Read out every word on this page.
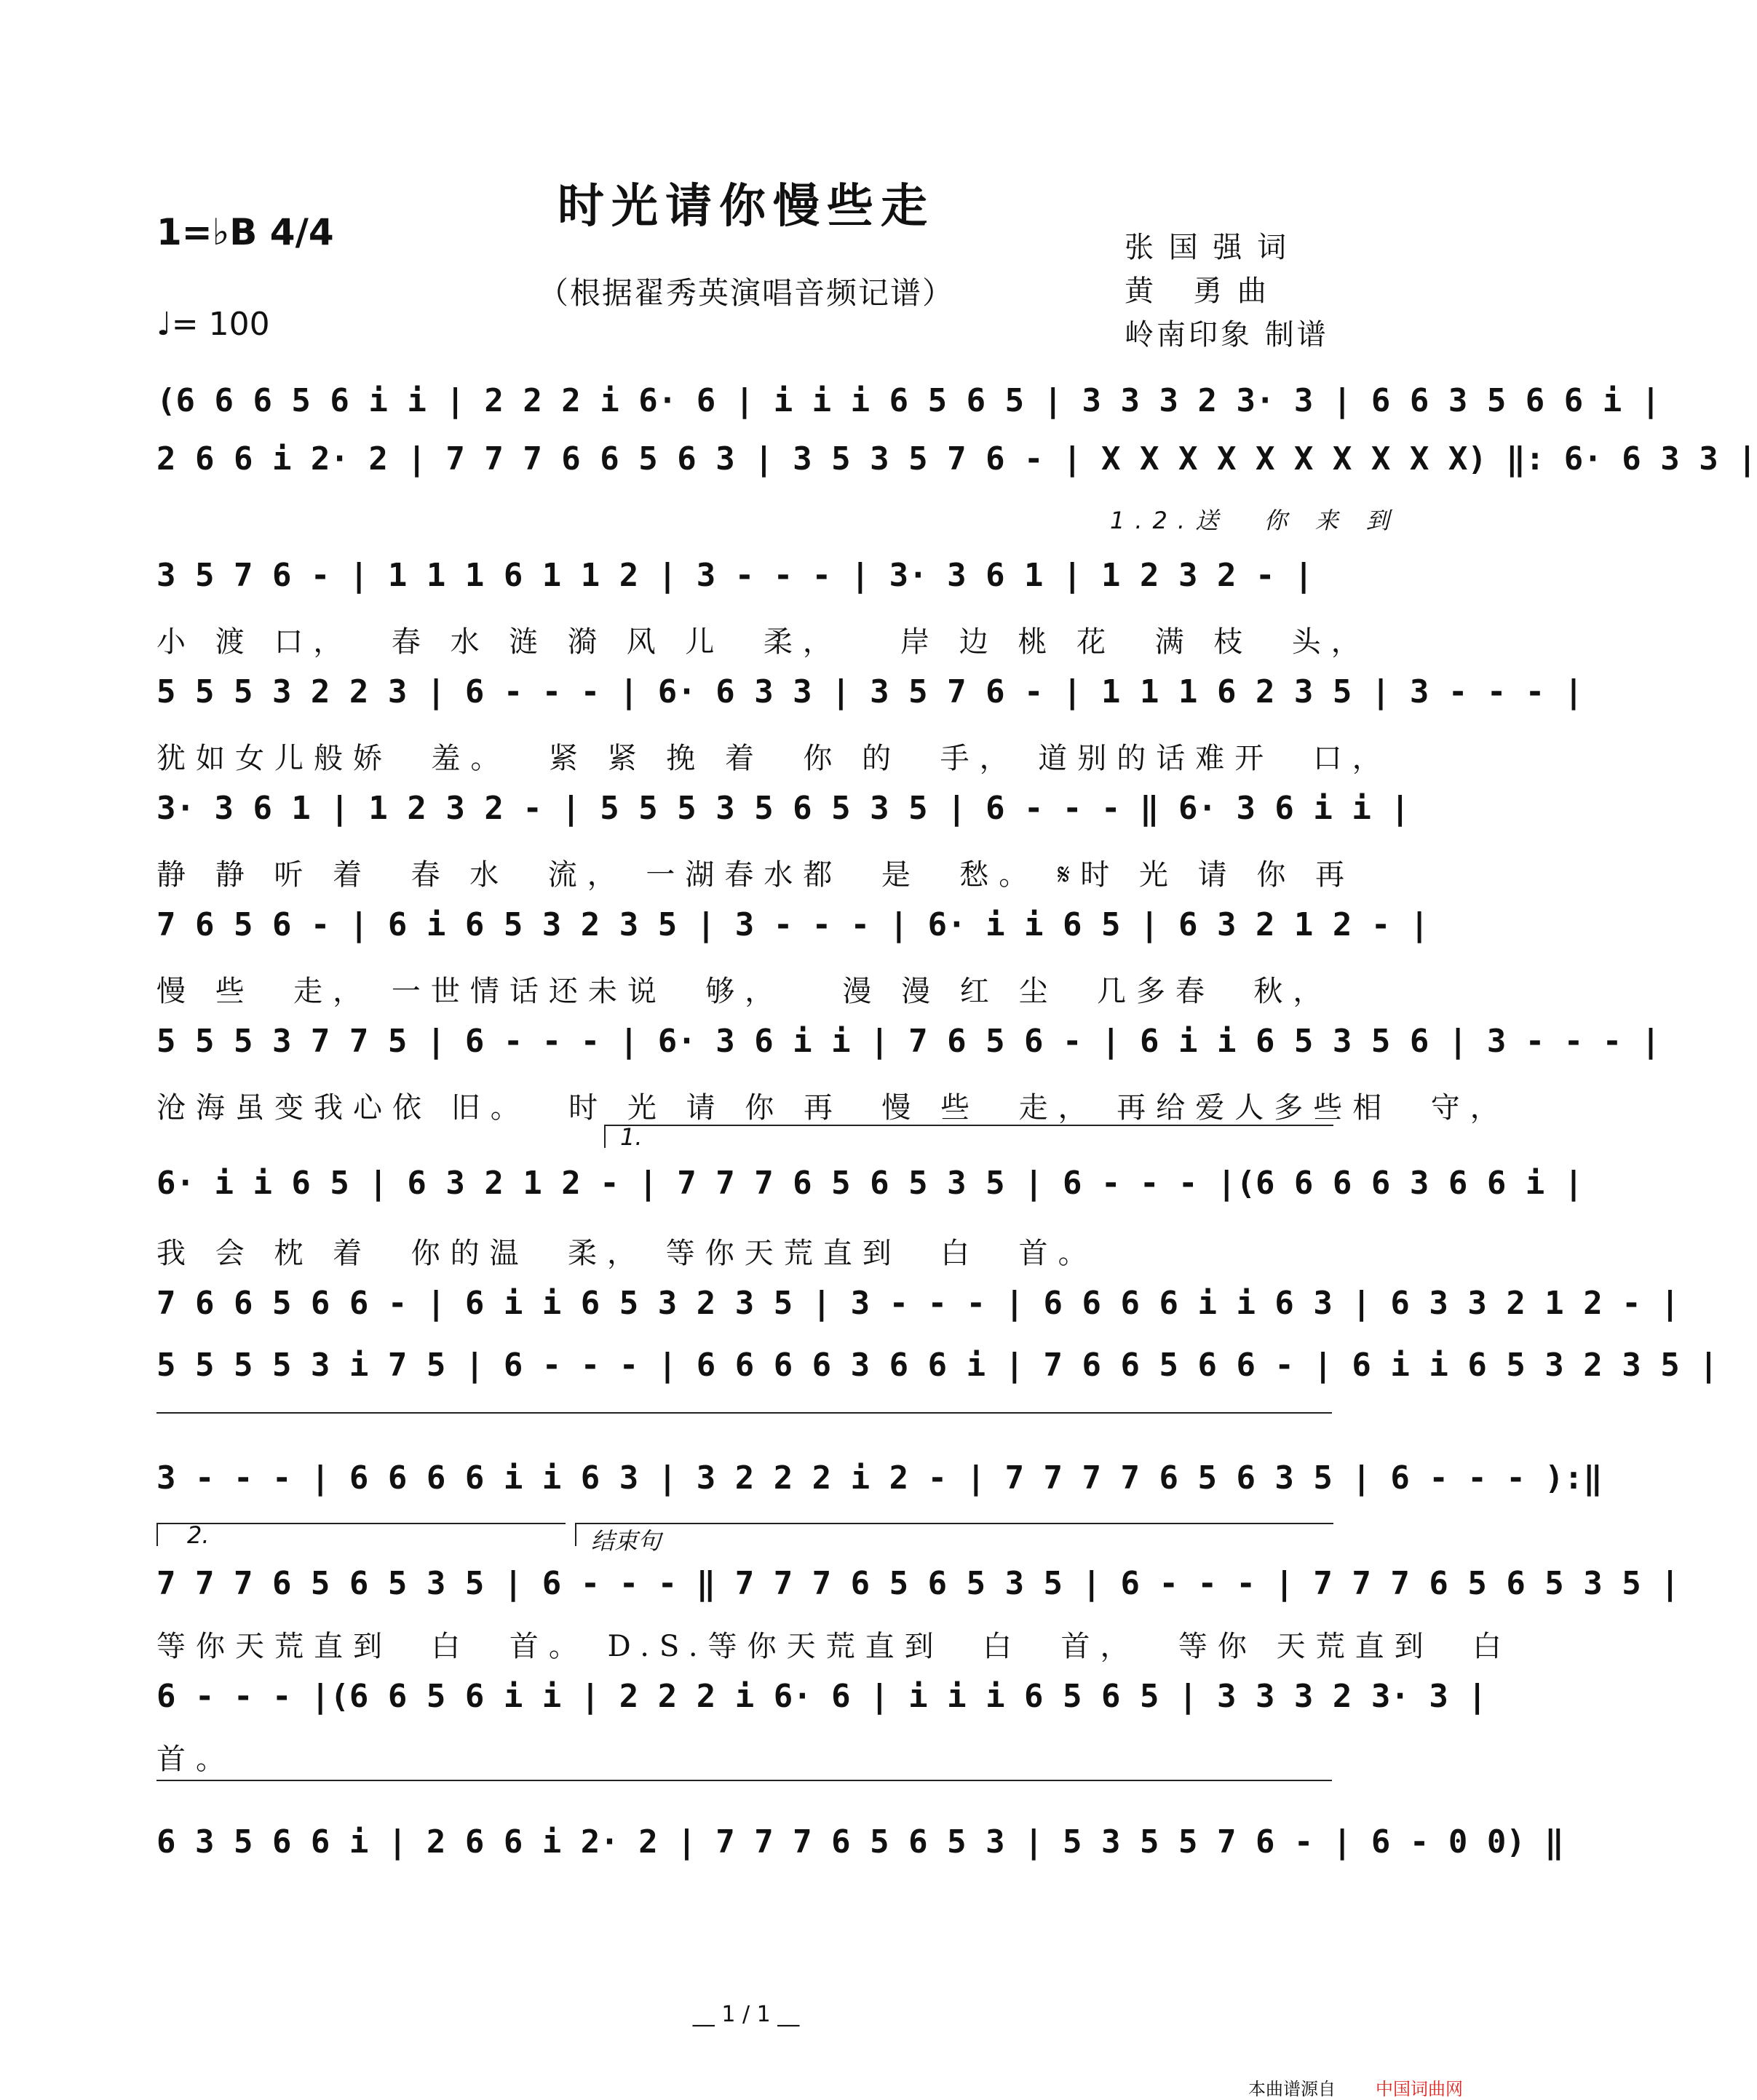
时光请你慢些走
（根据翟秀英演唱音频记谱）
1=♭B 4/4
♩= 100
张 国 强 词
黄   勇 曲
岭南印象 制谱
(6 6 6 5 6 i i | 2 2 2 i 6· 6 | i i i 6 5 6 5 | 3 3 3 2 3· 3 | 6 6 3 5 6 6 i |
2 6 6 i 2· 2 | 7 7 7 6 6 5 6 3 | 3 5 3 5 7 6 - | X X X X X X X X X X) ‖: 6· 6 3 3 |
1.2.送  你 来 到
3 5 7 6 - | 1 1 1 6 1 1 2 | 3 - - - | 3· 3 6 1 | 1 2 3 2 - |
小 渡 口，  春 水 涟 漪 风 儿  柔，   岸 边 桃 花  满 枝  头，
5 5 5 3 2 2 3 | 6 - - - | 6· 6 3 3 | 3 5 7 6 - | 1 1 1 6 2 3 5 | 3 - - - |
犹如女儿般娇  羞。  紧 紧 挽 着  你 的  手， 道别的话难开  口，
3· 3 6 1 | 1 2 3 2 - | 5 5 5 3 5 6 5 3 5 | 6 - - - ‖ 6· 3 6 i i |
静 静 听 着  春 水  流， 一湖春水都  是  愁。 𝄋时 光 请 你 再
7 6 5 6 - | 6 i 6 5 3 2 3 5 | 3 - - - | 6· i i 6 5 | 6 3 2 1 2 - |
慢 些  走， 一世情话还未说  够，   漫 漫 红 尘  几多春  秋，
5 5 5 3 7 7 5 | 6 - - - | 6· 3 6 i i | 7 6 5 6 - | 6 i i 6 5 3 5 6 | 3 - - - |
沧海虽变我心依 旧。  时 光 请 你 再  慢 些  走， 再给爱人多些相  守，
1.
6· i i 6 5 | 6 3 2 1 2 - | 7 7 7 6 5 6 5 3 5 | 6 - - - |(6 6 6 6 3 6 6 i |
我 会 枕 着  你的温  柔， 等你天荒直到  白  首。
7 6 6 5 6 6 - | 6 i i 6 5 3 2 3 5 | 3 - - - | 6 6 6 6 i i 6 3 | 6 3 3 2 1 2 - |
5 5 5 5 3 i 7 5 | 6 - - - | 6 6 6 6 3 6 6 i | 7 6 6 5 6 6 - | 6 i i 6 5 3 2 3 5 |
3 - - - | 6 6 6 6 i i 6 3 | 3 2 2 2 i 2 - | 7 7 7 7 6 5 6 3 5 | 6 - - - ):‖
2.	结束句
7 7 7 6 5 6 5 3 5 | 6 - - - ‖ 7 7 7 6 5 6 5 3 5 | 6 - - - | 7 7 7 6 5 6 5 3 5 |
等你天荒直到  白  首。 D.S.等你天荒直到  白  首，  等你 天荒直到  白
6 - - - |(6 6 5 6 i i | 2 2 2 i 6· 6 | i i i 6 5 6 5 | 3 3 3 2 3· 3 |
首。
6 3 5 6 6 i | 2 6 6 i 2· 2 | 7 7 7 6 5 6 5 3 | 5 3 5 5 7 6 - | 6 - 0 0) ‖
__ 1 / 1 __
本曲谱源自 中国词曲网
